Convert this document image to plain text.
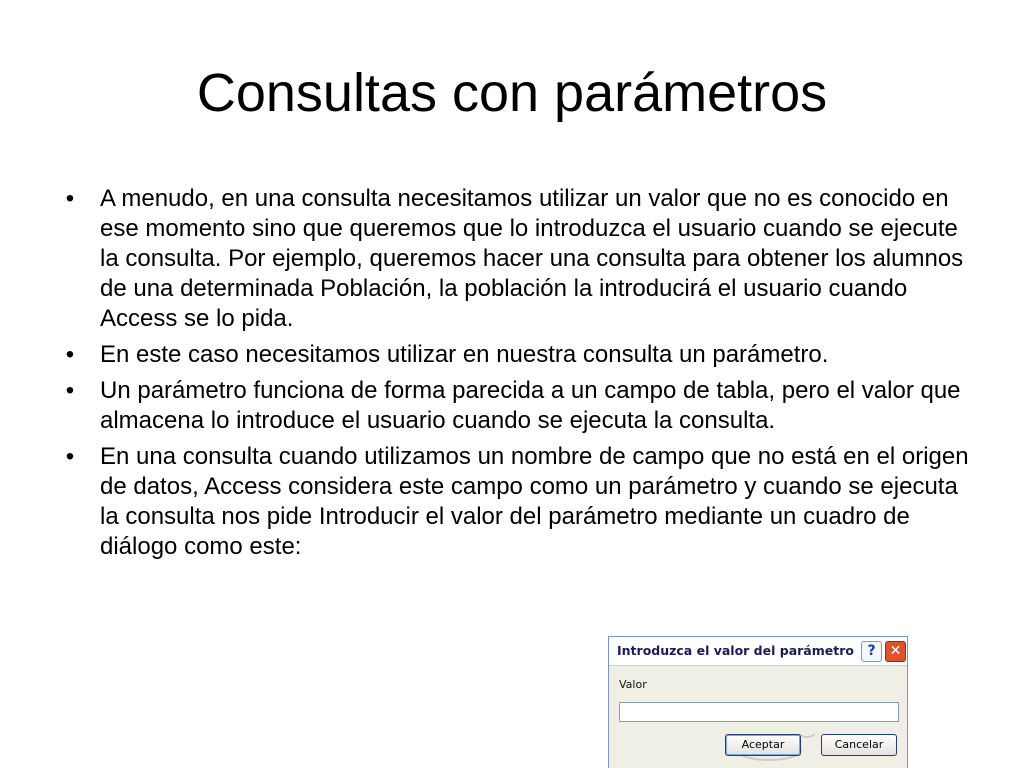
Consultas con parámetros
• A menudo, en una consulta necesitamos utilizar un valor que no es conocido en ese momento sino que queremos que lo introduzca el usuario cuando se ejecute la consulta. Por ejemplo, queremos hacer una consulta para obtener los alumnos de una determinada Población, la población la introducirá el usuario cuando Access se lo pida.
• En este caso necesitamos utilizar en nuestra consulta un parámetro.
• Un parámetro funciona de forma parecida a un campo de tabla, pero el valor que almacena lo introduce el usuario cuando se ejecuta la consulta.
• En una consulta cuando utilizamos un nombre de campo que no está en el origen de datos, Access considera este campo como un parámetro y cuando se ejecuta la consulta nos pide Introducir el valor del parámetro mediante un cuadro de diálogo como este:
Introduzca el valor del parámetro ?	✕
Valor
Aceptar	Cancelar
